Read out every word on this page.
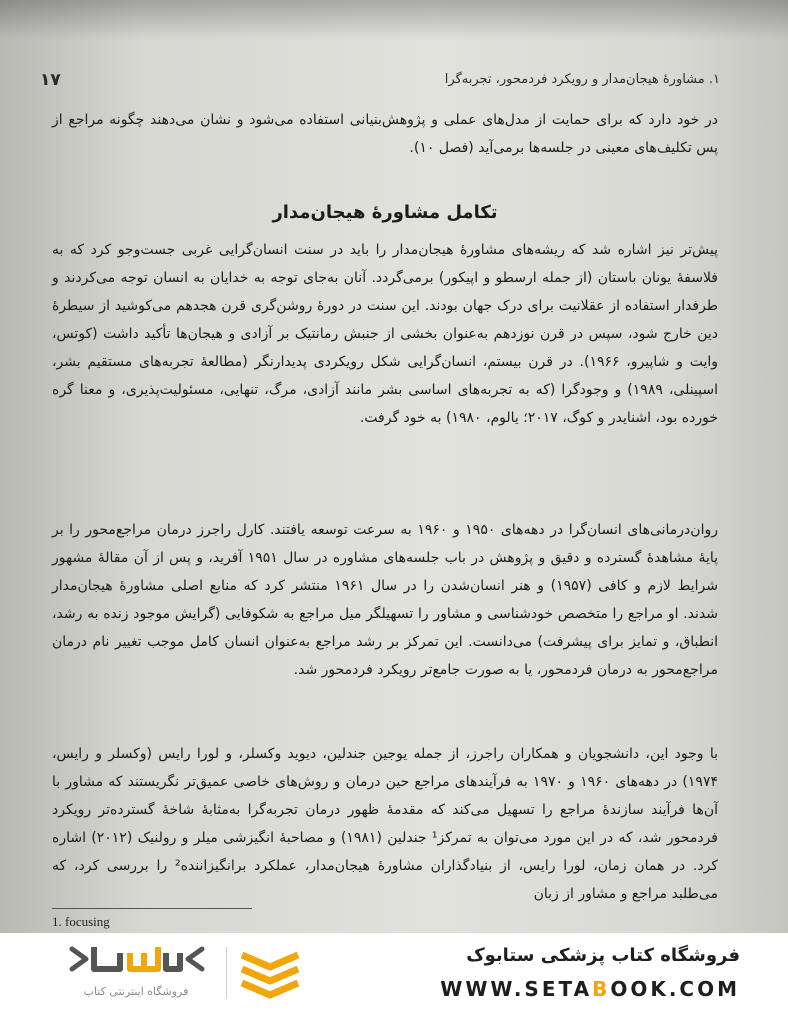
۱. مشاورهٔ هیجان‌مدار و رویکرد فردمحور، تجربه‌گرا
۱۷

در خود دارد که برای حمایت از مدل‌های عملی و پژوهش‌بنیانی استفاده می‌شود و نشان می‌دهند چگونه مراجع از پس تکلیف‌های معینی در جلسه‌ها برمی‌آید (فصل ۱۰).

تکامل مشاورهٔ هیجان‌مدار

پیش‌تر نیز اشاره شد که ریشه‌های مشاورهٔ هیجان‌مدار را باید در سنت انسان‌گرایی غربی جست‌وجو کرد که به فلاسفهٔ یونان باستان (از جمله ارسطو و اپیکور) برمی‌گردد. آنان به‌جای توجه به خدایان به انسان توجه می‌کردند و طرفدار استفاده از عقلانیت برای درک جهان بودند. این سنت در دورهٔ روشن‌گری قرن هجدهم می‌کوشید از سیطرهٔ دین خارج شود، سپس در قرن نوزدهم به‌عنوان بخشی از جنبش رمانتیک بر آزادی و هیجان‌ها تأکید داشت (کوتس، وایت و شاپیرو، ۱۹۶۶). در قرن بیستم، انسان‌گرایی شکل رویکردی پدیدارنگر (مطالعهٔ تجربه‌های مستقیم بشر، اسپینلی، ۱۹۸۹) و وجودگرا (که به تجربه‌های اساسی بشر مانند آزادی، مرگ، تنهایی، مسئولیت‌پذیری، و معنا گره خورده بود، اشنایدر و کوگ، ۲۰۱۷؛ یالوم، ۱۹۸۰) به خود گرفت.

روان‌درمانی‌های انسان‌گرا در دهه‌های ۱۹۵۰ و ۱۹۶۰ به سرعت توسعه یافتند. کارل راجرز درمان مراجع‌محور را بر پایهٔ مشاهدهٔ گسترده و دقیق و پژوهش در باب جلسه‌های مشاوره در سال ۱۹۵۱ آفرید، و پس از آن مقالهٔ مشهور شرایط لازم و کافی (۱۹۵۷) و هنر انسان‌شدن را در سال ۱۹۶۱ منتشر کرد که منابع اصلی مشاورهٔ هیجان‌مدار شدند. او مراجع را متخصص خودشناسی و مشاور را تسهیلگر میل مراجع به شکوفایی (گرایش موجود زنده به رشد، انطباق، و تمایز برای پیشرفت) می‌دانست. این تمرکز بر رشد مراجع به‌عنوان انسان کامل موجب تغییر نام درمان مراجع‌محور به درمان فردمحور، یا به صورت جامع‌تر رویکرد فردمحور شد.

با وجود این، دانشجویان و همکاران راجرز، از جمله یوجین جندلین، دیوید وکسلر، و لورا رایس (وکسلر و رایس، ۱۹۷۴) در دهه‌های ۱۹۶۰ و ۱۹۷۰ به فرآیندهای مراجع حین درمان و روش‌های خاصی عمیق‌تر نگریستند که مشاور با آن‌ها فرآیند سازندهٔ مراجع را تسهیل می‌کند که مقدمهٔ ظهور درمان تجربه‌گرا به‌مثابهٔ شاخهٔ گسترده‌تر رویکرد فردمحور شد، که در این مورد می‌توان به تمرکز¹ جندلین (۱۹۸۱) و مصاحبهٔ انگیزشی میلر و رولنیک (۲۰۱۲) اشاره کرد. در همان زمان، لورا رایس، از بنیادگذاران مشاورهٔ هیجان‌مدار، عملکرد برانگیزاننده² را بررسی کرد، که می‌طلبد مراجع و مشاور از زبان

1. focusing
فروشگاه اینترنتی کتاب
فروشگاه کتاب پزشکی ستابوک
WWW.SETABOOK.COM
